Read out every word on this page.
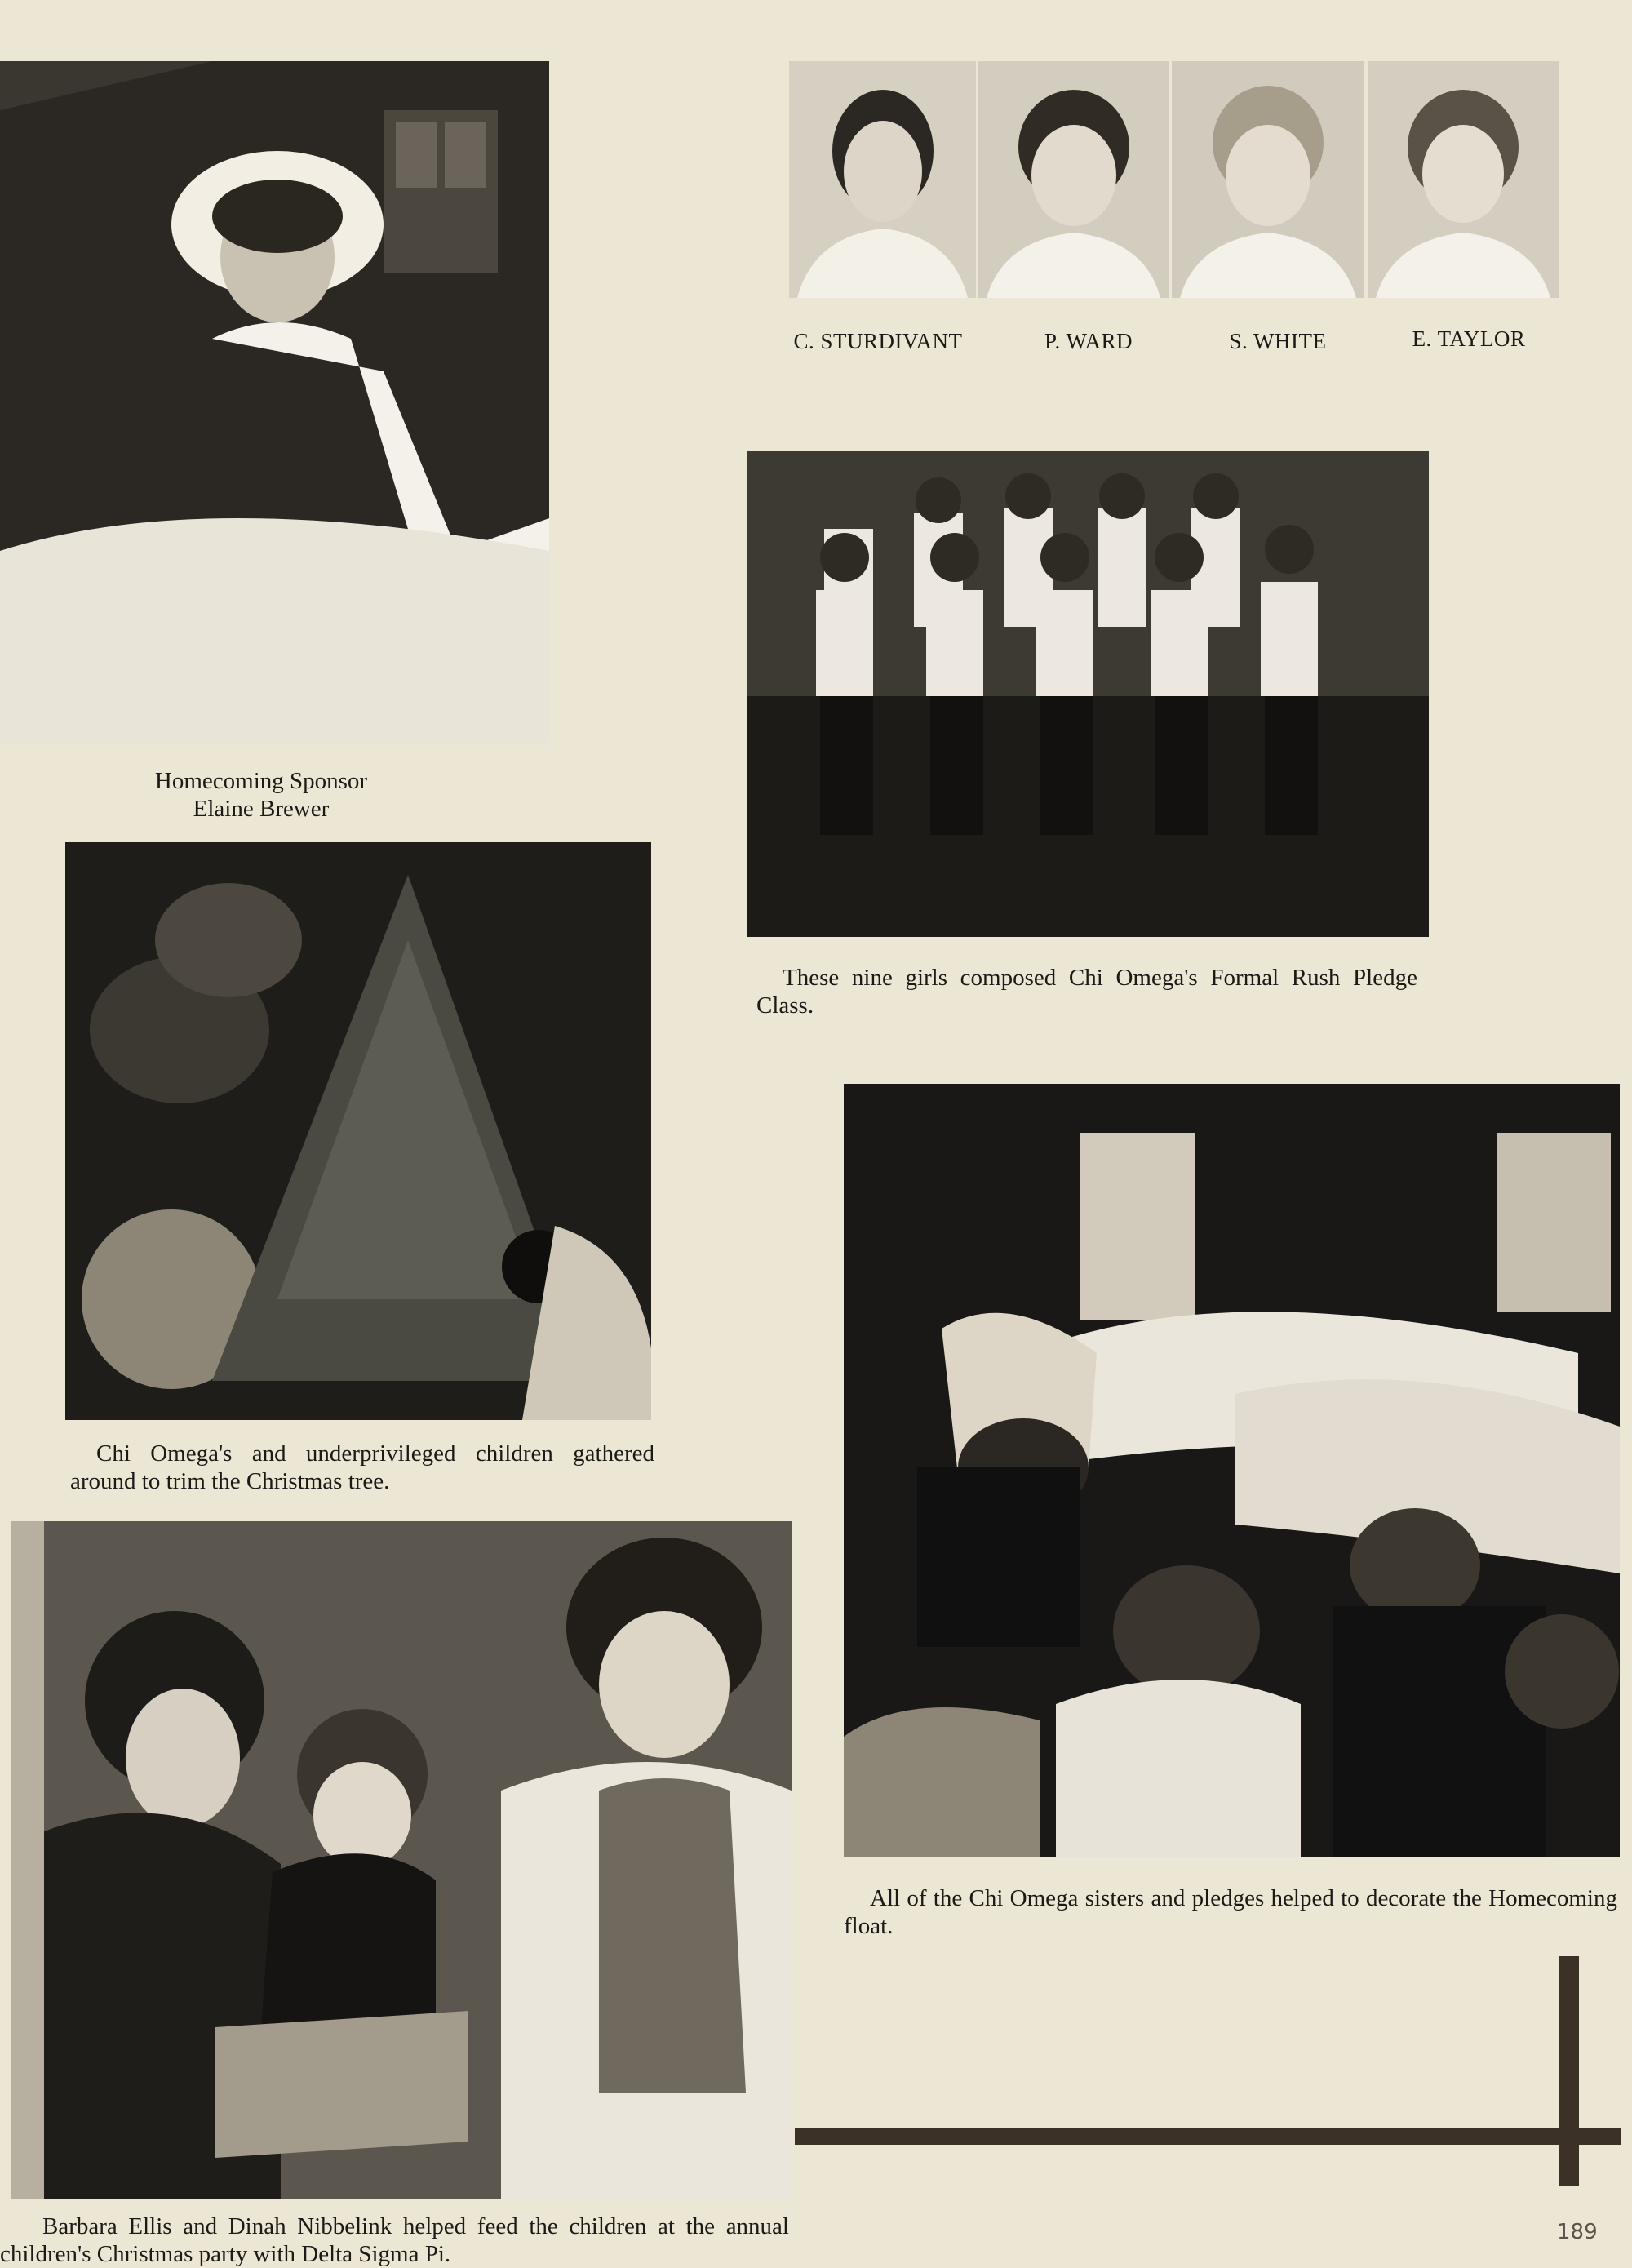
Homecoming Sponsor
Elaine Brewer
C. STURDIVANT	P. WARD	S. WHITE	E. TAYLOR
These nine girls composed Chi Omega's Formal Rush Pledge Class.
Chi Omega's and underprivileged children gathered around to trim the Christmas tree.
All of the Chi Omega sisters and pledges helped to decorate the Homecoming float.
Barbara Ellis and Dinah Nibbelink helped feed the children at the annual children's Christmas party with Delta Sigma Pi.
189
